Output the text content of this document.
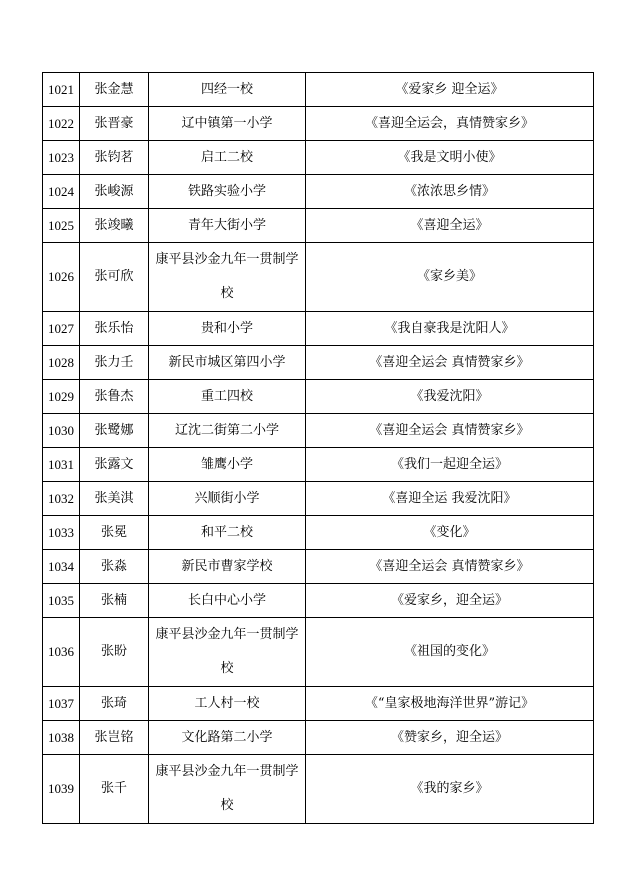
1021	张金慧	四经一校	《爱家乡 迎全运》
1022	张晋豪	辽中镇第一小学	《喜迎全运会，真情赞家乡》
1023	张钧茗	启工二校	《我是文明小使》
1024	张峻源	铁路实验小学	《浓浓思乡情》
1025	张竣曦	青年大街小学	《喜迎全运》
1026	张可欣	康平县沙金九年一贯制学校	《家乡美》
1027	张乐怡	贵和小学	《我自豪我是沈阳人》
1028	张力壬	新民市城区第四小学	《喜迎全运会 真情赞家乡》
1029	张鲁杰	重工四校	《我爱沈阳》
1030	张鹭娜	辽沈二街第二小学	《喜迎全运会 真情赞家乡》
1031	张露文	雏鹰小学	《我们一起迎全运》
1032	张美淇	兴顺街小学	《喜迎全运 我爱沈阳》
1033	张冕	和平二校	《变化》
1034	张淼	新民市曹家学校	《喜迎全运会 真情赞家乡》
1035	张楠	长白中心小学	《爱家乡，迎全运》
1036	张盼	康平县沙金九年一贯制学校	《祖国的变化》
1037	张琦	工人村一校	《“皇家极地海洋世界”游记》
1038	张岂铭	文化路第二小学	《赞家乡，迎全运》
1039	张千	康平县沙金九年一贯制学校	《我的家乡》
